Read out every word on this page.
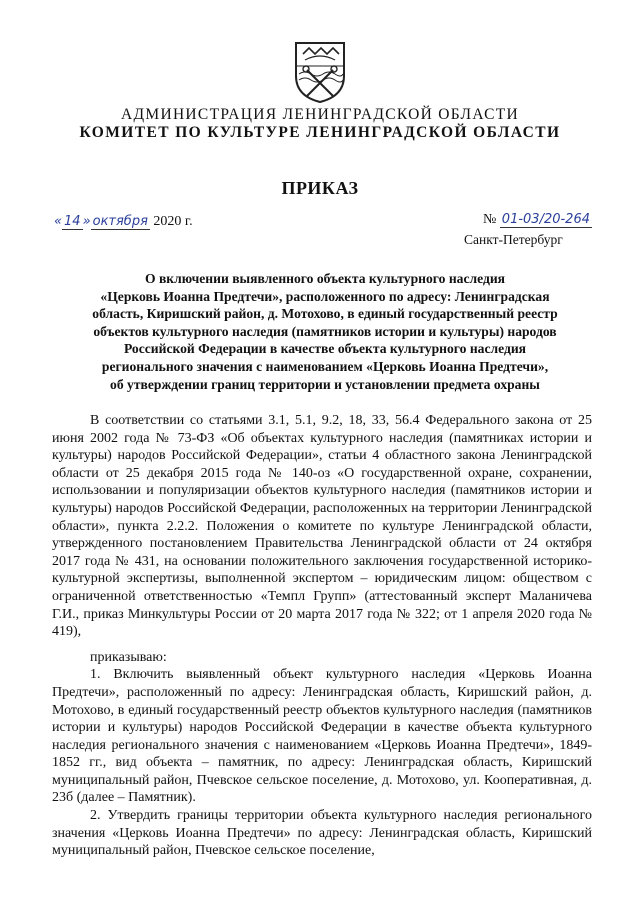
АДМИНИСТРАЦИЯ ЛЕНИНГРАДСКОЙ ОБЛАСТИ
КОМИТЕТ ПО КУЛЬТУРЕ ЛЕНИНГРАДСКОЙ ОБЛАСТИ
ПРИКАЗ
« 14 » октября 2020 г.	№ 01-03/20-264
Санкт-Петербург
О включении выявленного объекта культурного наследия
«Церковь Иоанна Предтечи», расположенного по адресу: Ленинградская
область, Киришский район, д. Мотохово, в единый государственный реестр
объектов культурного наследия (памятников истории и культуры) народов
Российской Федерации в качестве объекта культурного наследия
регионального значения с наименованием «Церковь Иоанна Предтечи»,
об утверждении границ территории и установлении предмета охраны

В соответствии со статьями 3.1, 5.1, 9.2, 18, 33, 56.4 Федерального закона от 25 июня 2002 года № 73-ФЗ «Об объектах культурного наследия (памятниках истории и культуры) народов Российской Федерации», статьи 4 областного закона Ленинградской области от 25 декабря 2015 года № 140-оз «О государственной охране, сохранении, использовании и популяризации объектов культурного наследия (памятников истории и культуры) народов Российской Федерации, расположенных на территории Ленинградской области», пункта 2.2.2. Положения о комитете по культуре Ленинградской области, утвержденного постановлением Правительства Ленинградской области от 24 октября 2017 года № 431, на основании положительного заключения государственной историко-культурной экспертизы, выполненной экспертом – юридическим лицом: обществом с ограниченной ответственностью «Темпл Групп» (аттестованный эксперт Маланичева Г.И., приказ Минкультуры России от 20 марта 2017 года № 322; от 1 апреля 2020 года № 419),

приказываю:

1. Включить выявленный объект культурного наследия «Церковь Иоанна Предтечи», расположенный по адресу: Ленинградская область, Киришский район, д. Мотохово, в единый государственный реестр объектов культурного наследия (памятников истории и культуры) народов Российской Федерации в качестве объекта культурного наследия регионального значения с наименованием «Церковь Иоанна Предтечи», 1849-1852 гг., вид объекта – памятник, по адресу: Ленинградская область, Киришский муниципальный район, Пчевское сельское поселение, д. Мотохово, ул. Кооперативная, д. 23б (далее – Памятник).

2. Утвердить границы территории объекта культурного наследия регионального значения «Церковь Иоанна Предтечи» по адресу: Ленинградская область, Киришский муниципальный район, Пчевское сельское поселение,
